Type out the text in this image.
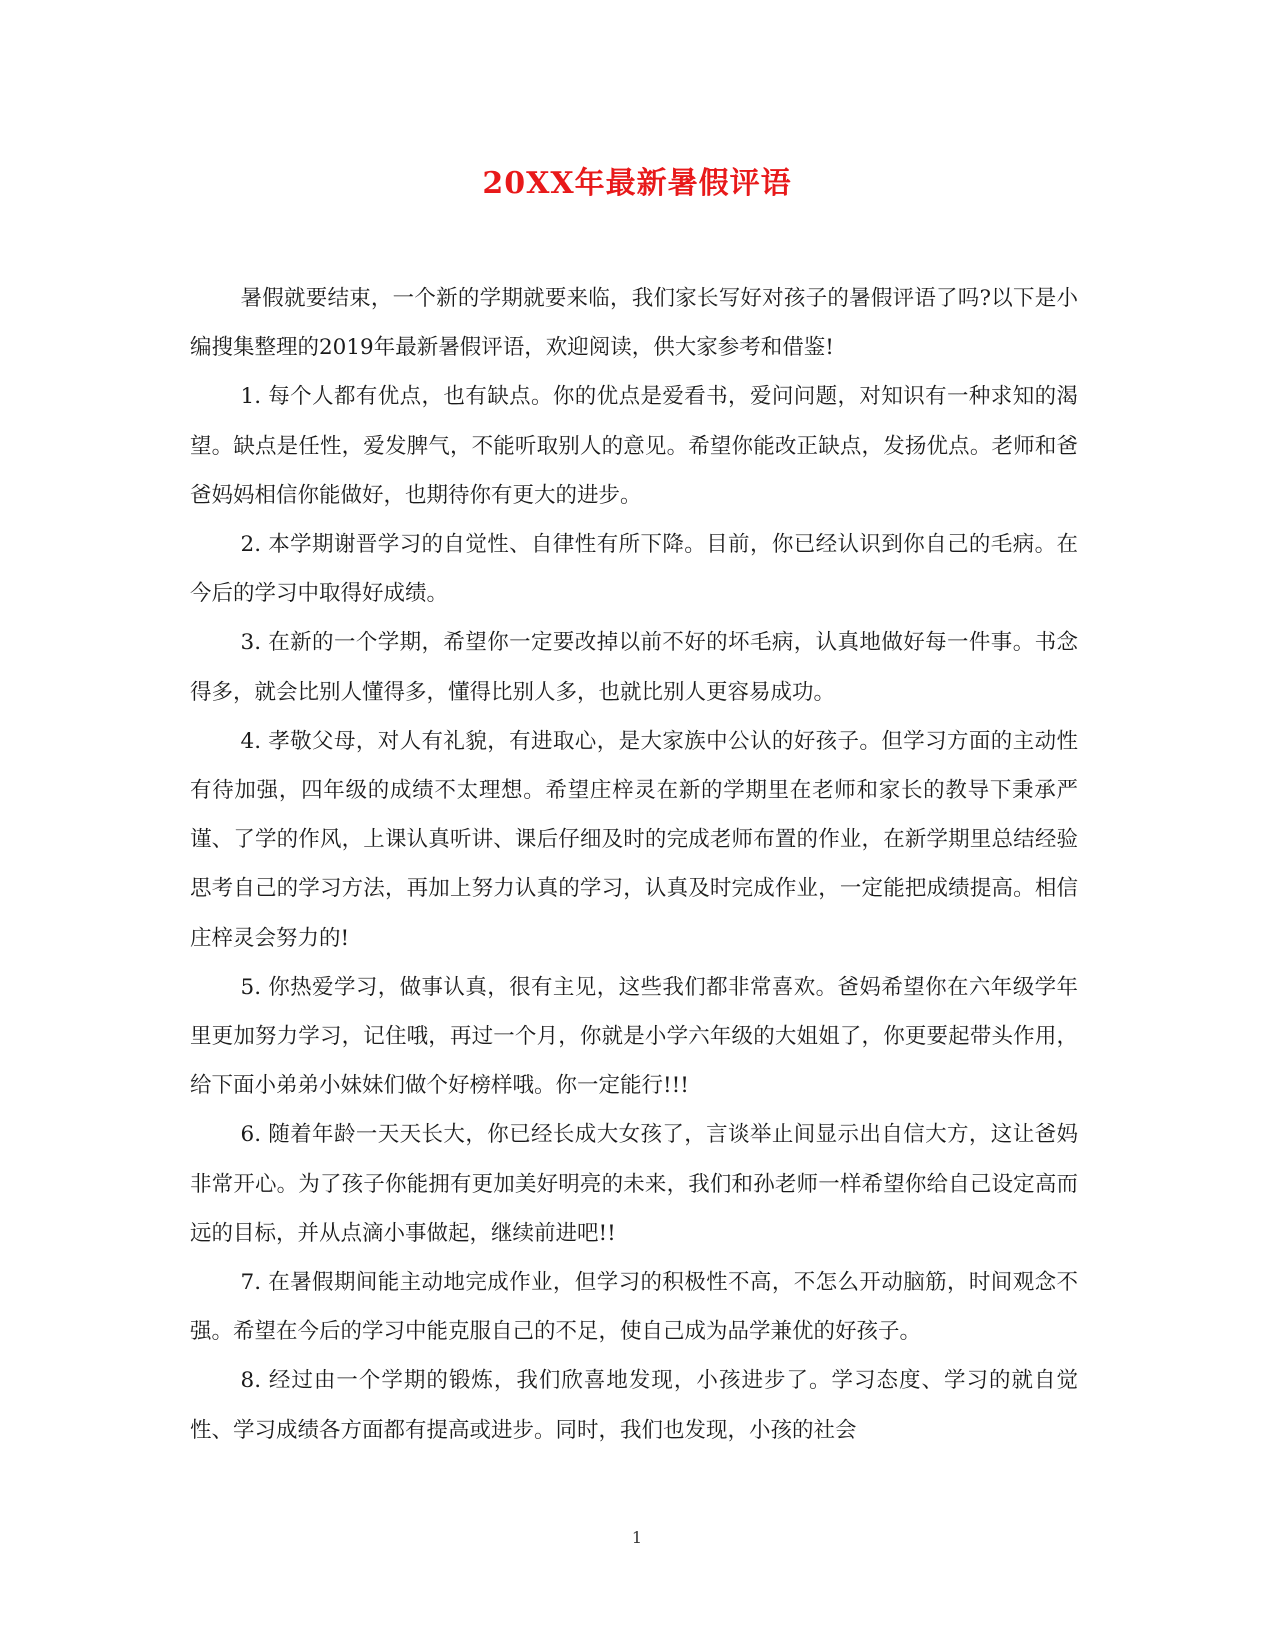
20XX年最新暑假评语

暑假就要结束，一个新的学期就要来临，我们家长写好对孩子的暑假评语了吗?以下是小编搜集整理的2019年最新暑假评语，欢迎阅读，供大家参考和借鉴!

1. 每个人都有优点，也有缺点。你的优点是爱看书，爱问问题，对知识有一种求知的渴望。缺点是任性，爱发脾气，不能听取别人的意见。希望你能改正缺点，发扬优点。老师和爸爸妈妈相信你能做好，也期待你有更大的进步。

2. 本学期谢晋学习的自觉性、自律性有所下降。目前，你已经认识到你自己的毛病。在今后的学习中取得好成绩。

3. 在新的一个学期，希望你一定要改掉以前不好的坏毛病，认真地做好每一件事。书念得多，就会比别人懂得多，懂得比别人多，也就比别人更容易成功。

4. 孝敬父母，对人有礼貌，有进取心，是大家族中公认的好孩子。但学习方面的主动性有待加强，四年级的成绩不太理想。希望庄梓灵在新的学期里在老师和家长的教导下秉承严谨、了学的作风，上课认真听讲、课后仔细及时的完成老师布置的作业，在新学期里总结经验思考自己的学习方法，再加上努力认真的学习，认真及时完成作业，一定能把成绩提高。相信庄梓灵会努力的!

5. 你热爱学习，做事认真，很有主见，这些我们都非常喜欢。爸妈希望你在六年级学年里更加努力学习，记住哦，再过一个月，你就是小学六年级的大姐姐了，你更要起带头作用，给下面小弟弟小妹妹们做个好榜样哦。你一定能行!!!

6. 随着年龄一天天长大，你已经长成大女孩了，言谈举止间显示出自信大方，这让爸妈非常开心。为了孩子你能拥有更加美好明亮的未来，我们和孙老师一样希望你给自己设定高而远的目标，并从点滴小事做起，继续前进吧!!

7. 在暑假期间能主动地完成作业，但学习的积极性不高，不怎么开动脑筋，时间观念不强。希望在今后的学习中能克服自己的不足，使自己成为品学兼优的好孩子。

8. 经过由一个学期的锻炼，我们欣喜地发现，小孩进步了。学习态度、学习的就自觉性、学习成绩各方面都有提高或进步。同时，我们也发现，小孩的社会

1
